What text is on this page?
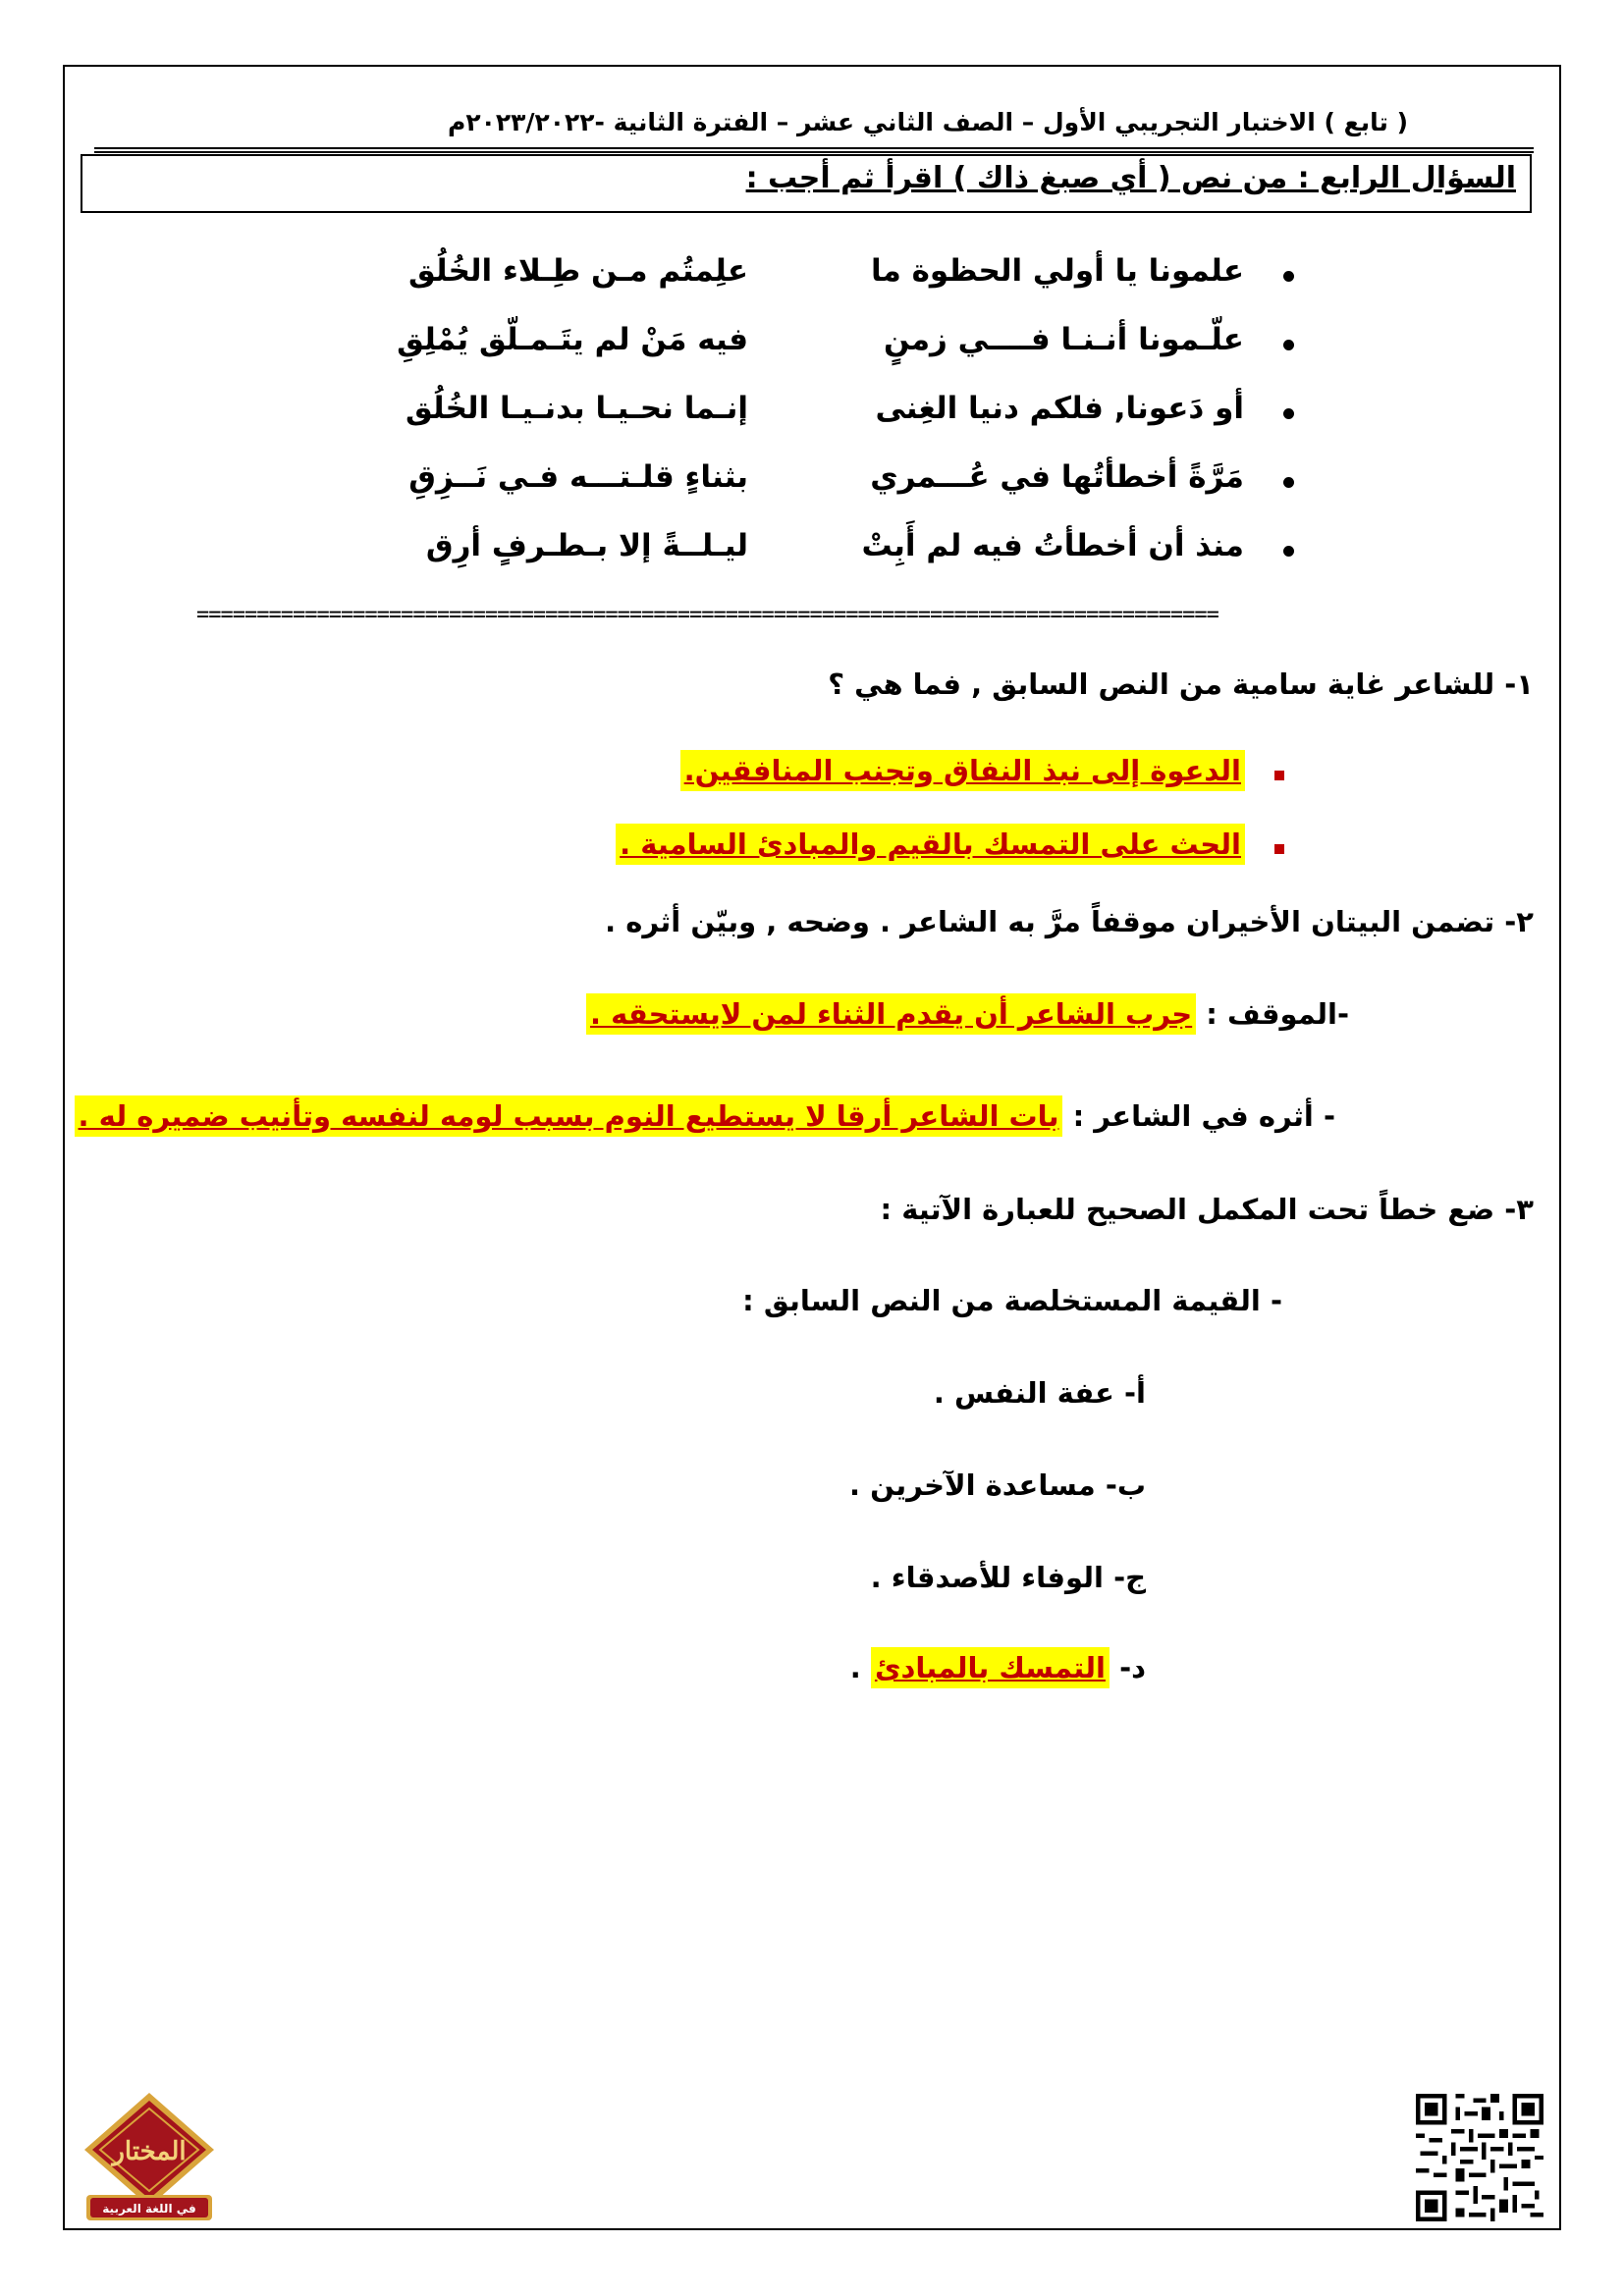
( تابع ) الاختبار التجريبي الأول – الصف الثاني عشر – الفترة الثانية -٢٠٢٣/٢٠٢٢م
السؤال الرابع : من نص ( أي صبغ ذاك ) اقرأ ثم أجب :
علمونا يا أولي الحظوة ما
علِمتُم مـن طِـلاء الخُلُق
علّـمونا أنـنـا فــــي زمنٍ
فيه مَنْ لم يتَـمـلّق يُمْلِقِ
أو دَعونا, فلكم دنيا الغِنى
إنـما نحـيـا بدنـيـا الخُلُق
مَرَّةً أخطأتُها في عُـــمري
بثناءٍ قلـتـــه فـي نَــزِقِ
منذ أن أخطأتُ فيه لم أَبِتْ
ليـلــةً إلا بـطـرفٍ أرِق
=====================================================================================
١- للشاعر غاية سامية من النص السابق , فما هي ؟
الدعوة إلى نبذ النفاق وتجنب المنافقين.
الحث على التمسك بالقيم والمبادئ السامية .
٢- تضمن البيتان الأخيران موقفاً مرَّ به الشاعر . وضحه , وبيّن أثره .
-الموقف : جرب الشاعر أن يقدم الثناء لمن لايستحقه .
- أثره في الشاعر : بات الشاعر أرقا لا يستطيع النوم بسبب لومه لنفسه وتأنيب ضميره له .
٣- ضع خطاً تحت المكمل الصحيح للعبارة الآتية :
- القيمة المستخلصة من النص السابق :
أ- عفة النفس .
ب- مساعدة الآخرين .
ج- الوفاء للأصدقاء .
د- التمسك بالمبادئ .
المختار
في اللغة العربية
